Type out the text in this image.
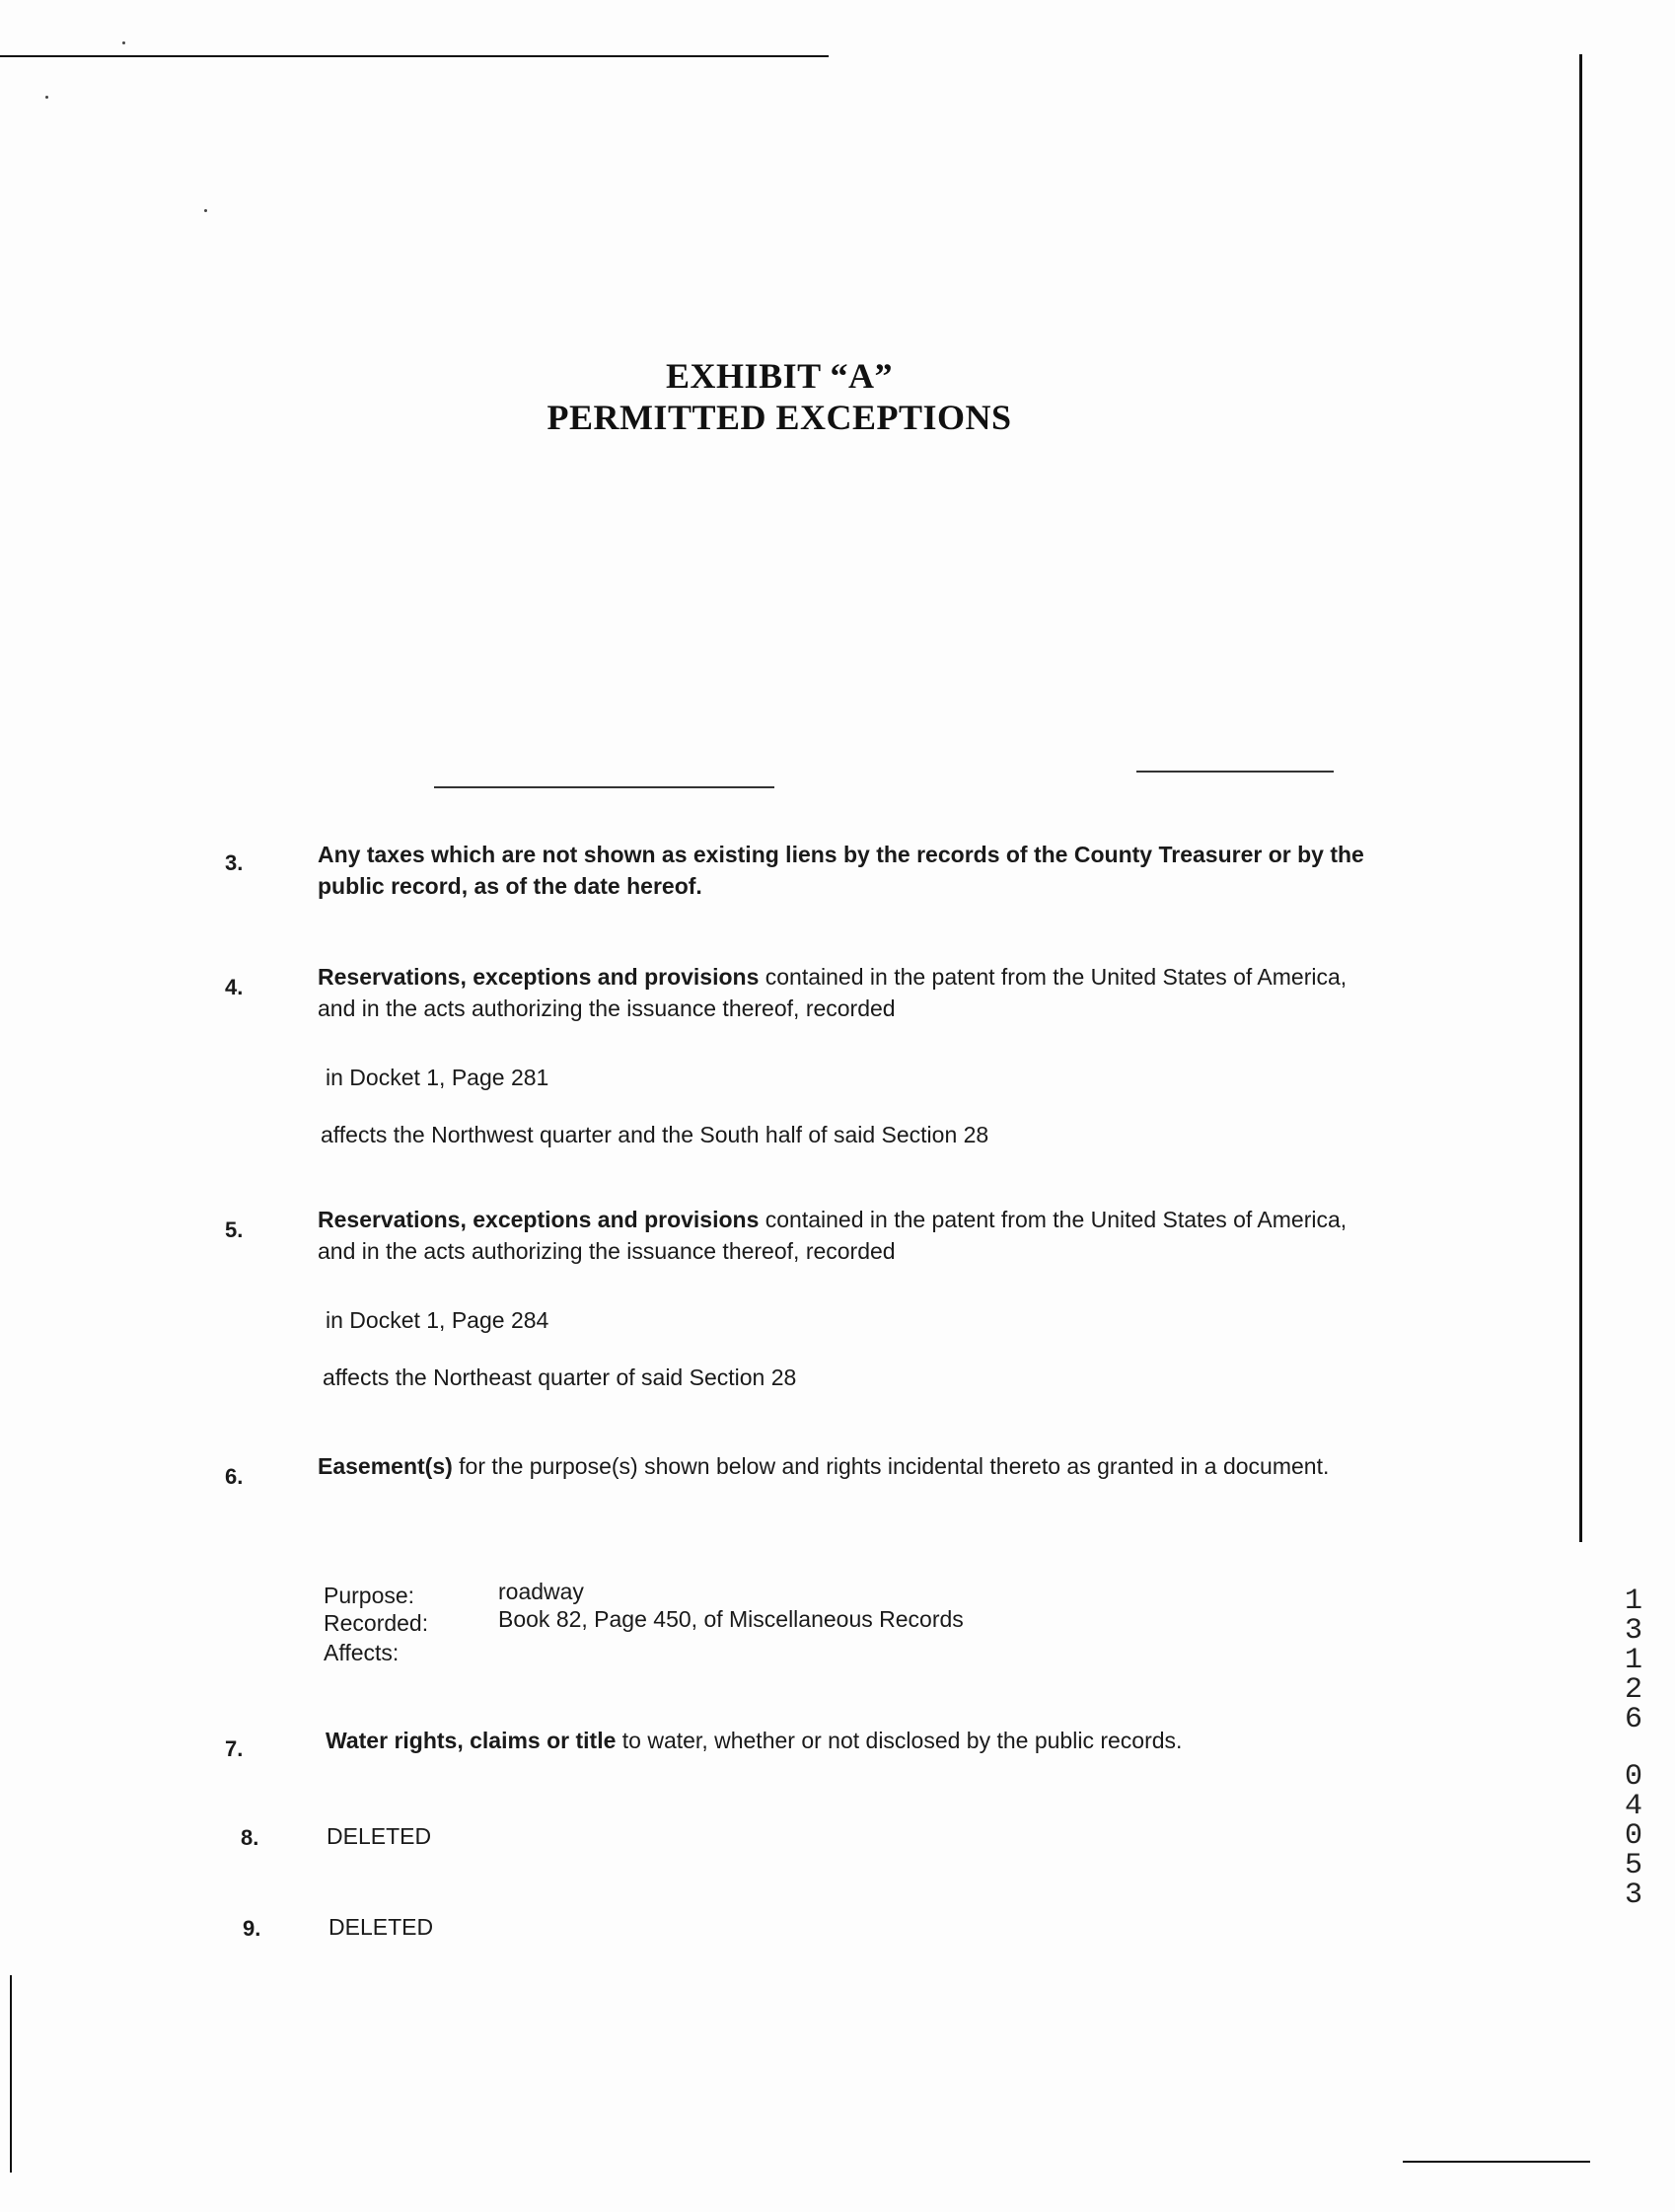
EXHIBIT “A”
PERMITTED EXCEPTIONS
3.	Any taxes which are not shown as existing liens by the records of the County Treasurer or by the public record, as of the date hereof.
4.	Reservations, exceptions and provisions contained in the patent from the United States of America, and in the acts authorizing the issuance thereof, recorded
in Docket 1, Page 281
affects the Northwest quarter and the South half of said Section 28
5.	Reservations, exceptions and provisions contained in the patent from the United States of America, and in the acts authorizing the issuance thereof, recorded
in Docket 1, Page 284
affects the Northeast quarter of said Section 28
6.	Easement(s) for the purpose(s) shown below and rights incidental thereto as granted in a document.
Purpose:	roadway
Recorded:	Book 82, Page 450, of Miscellaneous Records
Affects:
7.	Water rights, claims or title to water, whether or not disclosed by the public records.
8.	DELETED
9.	DELETED
1
3
1
2
6
0
4
0
5
3
